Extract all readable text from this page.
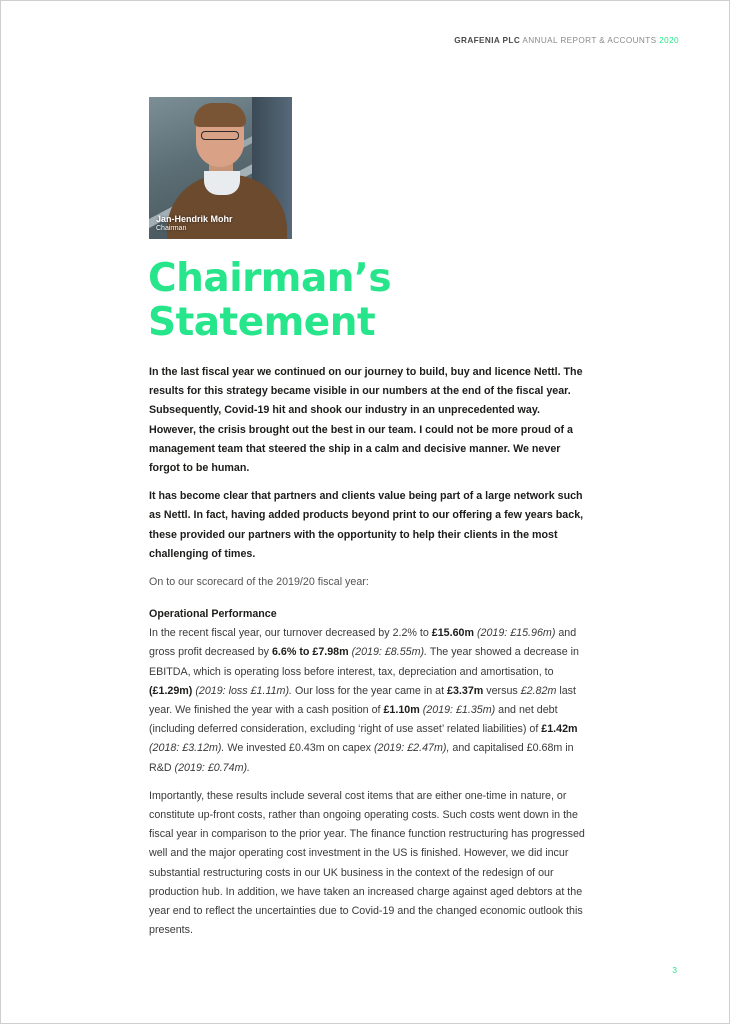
GRAFENIA PLC ANNUAL REPORT & ACCOUNTS 2020
Jan-Hendrik Mohr
Chairman
Chairman’s
Statement

In the last fiscal year we continued on our journey to build, buy and licence Nettl. The results for this strategy became visible in our numbers at the end of the fiscal year. Subsequently, Covid-19 hit and shook our industry in an unprecedented way. However, the crisis brought out the best in our team. I could not be more proud of a management team that steered the ship in a calm and decisive manner. We never forgot to be human.

It has become clear that partners and clients value being part of a large network such as Nettl. In fact, having added products beyond print to our offering a few years back, these provided our partners with the opportunity to help their clients in the most challenging of times.

On to our scorecard of the 2019/20 fiscal year:

Operational Performance

In the recent fiscal year, our turnover decreased by 2.2% to £15.60m (2019: £15.96m) and gross profit decreased by 6.6% to £7.98m (2019: £8.55m). The year showed a decrease in EBITDA, which is operating loss before interest, tax, depreciation and amortisation, to (£1.29m) (2019: loss £1.11m). Our loss for the year came in at £3.37m versus £2.82m last year. We finished the year with a cash position of £1.10m (2019: £1.35m) and net debt (including deferred consideration, excluding ‘right of use asset’ related liabilities) of £1.42m (2018: £3.12m). We invested £0.43m on capex (2019: £2.47m), and capitalised £0.68m in R&D (2019: £0.74m).

Importantly, these results include several cost items that are either one-time in nature, or constitute up-front costs, rather than ongoing operating costs. Such costs went down in the fiscal year in comparison to the prior year. The finance function restructuring has progressed well and the major operating cost investment in the US is finished. However, we did incur substantial restructuring costs in our UK business in the context of the redesign of our production hub. In addition, we have taken an increased charge against aged debtors at the year end to reflect the uncertainties due to Covid-19 and the changed economic outlook this presents.

3
